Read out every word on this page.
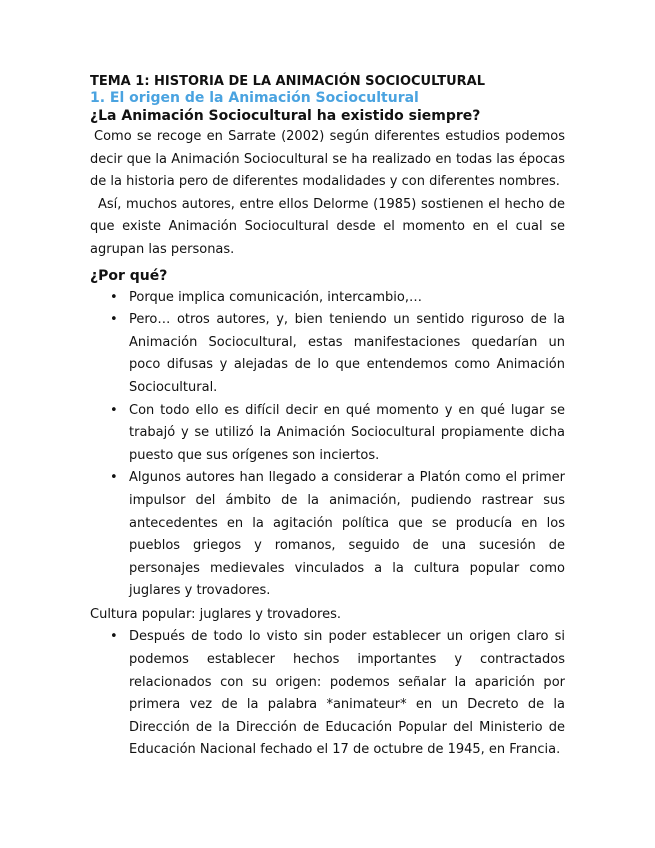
TEMA 1: HISTORIA DE LA ANIMACIÓN SOCIOCULTURAL
1. El origen de la Animación Sociocultural
¿La Animación Sociocultural ha existido siempre?

Como se recoge en Sarrate (2002) según diferentes estudios podemos decir que la Animación Sociocultural se ha realizado en todas las épocas de la historia pero de diferentes modalidades y con diferentes nombres.

Así, muchos autores, entre ellos Delorme (1985) sostienen el hecho de que existe Animación Sociocultural desde el momento en el cual se agrupan las personas.

¿Por qué?
• Porque implica comunicación, intercambio,…
• Pero… otros autores, y, bien teniendo un sentido riguroso de la Animación Sociocultural, estas manifestaciones quedarían un poco difusas y alejadas de lo que entendemos como Animación Sociocultural.
• Con todo ello es difícil decir en qué momento y en qué lugar se trabajó y se utilizó la Animación Sociocultural propiamente dicha puesto que sus orígenes son inciertos.
• Algunos autores han llegado a considerar a Platón como el primer impulsor del ámbito de la animación, pudiendo rastrear sus antecedentes en la agitación política que se producía en los pueblos griegos y romanos, seguido de una sucesión de personajes medievales vinculados a la cultura popular como juglares y trovadores.
Cultura popular: juglares y trovadores.
• Después de todo lo visto sin poder establecer un origen claro si podemos establecer hechos importantes y contractados relacionados con su origen: podemos señalar la aparición por primera vez de la palabra *animateur* en un Decreto de la Dirección de la Dirección de Educación Popular del Ministerio de Educación Nacional fechado el 17 de octubre de 1945, en Francia.
